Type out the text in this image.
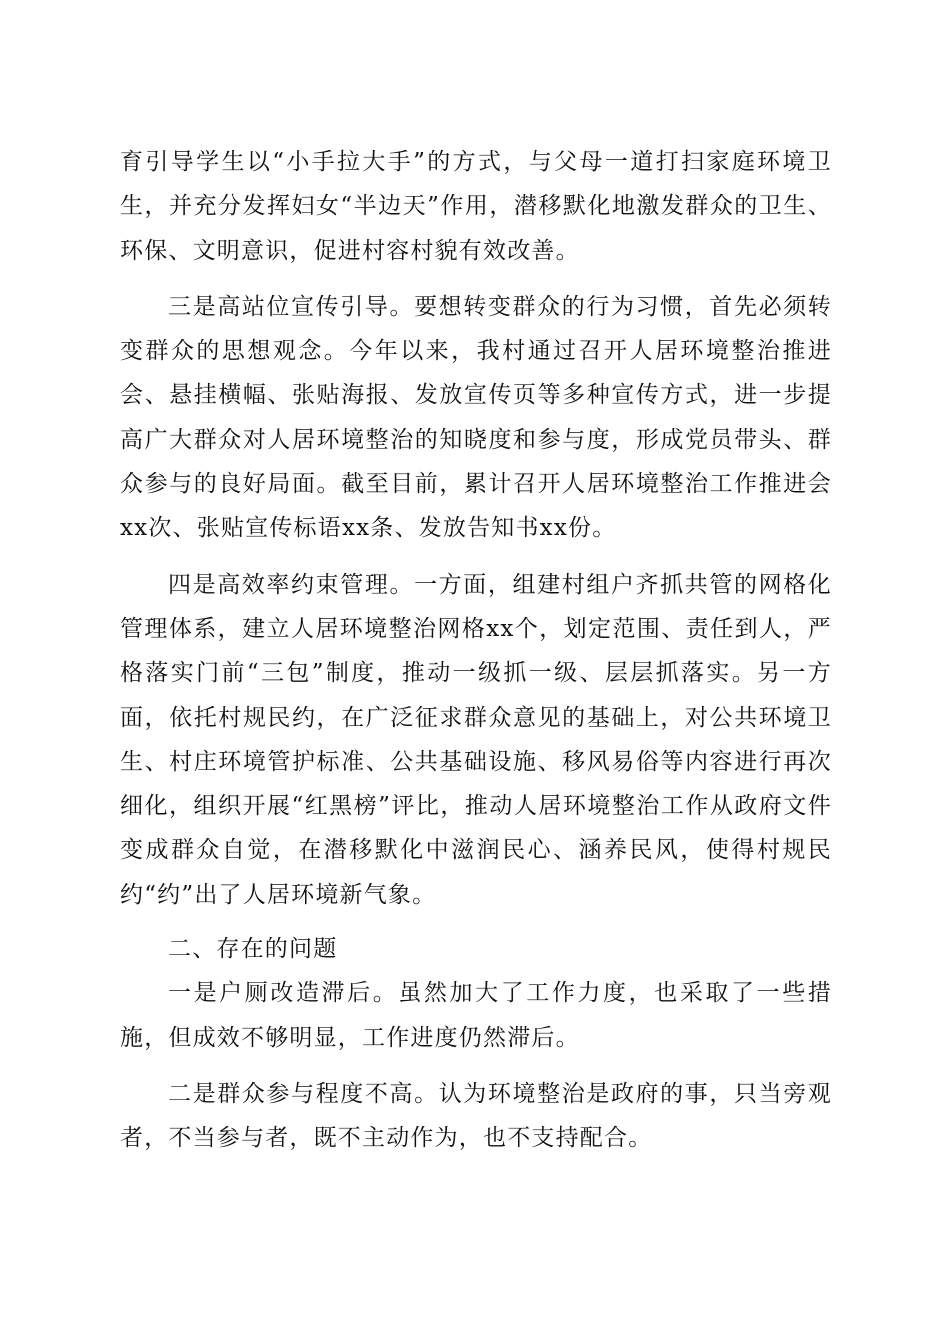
育引导学生以“小手拉大手”的方式，与父母一道打扫家庭环境卫生，并充分发挥妇女“半边天”作用，潜移默化地激发群众的卫生、环保、文明意识，促进村容村貌有效改善。

三是高站位宣传引导。要想转变群众的行为习惯，首先必须转变群众的思想观念。今年以来，我村通过召开人居环境整治推进会、悬挂横幅、张贴海报、发放宣传页等多种宣传方式，进一步提高广大群众对人居环境整治的知晓度和参与度，形成党员带头、群众参与的良好局面。截至目前，累计召开人居环境整治工作推进会xx次、张贴宣传标语xx条、发放告知书xx份。

四是高效率约束管理。一方面，组建村组户齐抓共管的网格化管理体系，建立人居环境整治网格xx个，划定范围、责任到人，严格落实门前“三包”制度，推动一级抓一级、层层抓落实。另一方面，依托村规民约，在广泛征求群众意见的基础上，对公共环境卫生、村庄环境管护标准、公共基础设施、移风易俗等内容进行再次细化，组织开展“红黑榜”评比，推动人居环境整治工作从政府文件变成群众自觉，在潜移默化中滋润民心、涵养民风，使得村规民约“约”出了人居环境新气象。

二、存在的问题

一是户厕改造滞后。虽然加大了工作力度，也采取了一些措施，但成效不够明显，工作进度仍然滞后。

二是群众参与程度不高。认为环境整治是政府的事，只当旁观者，不当参与者，既不主动作为，也不支持配合。
